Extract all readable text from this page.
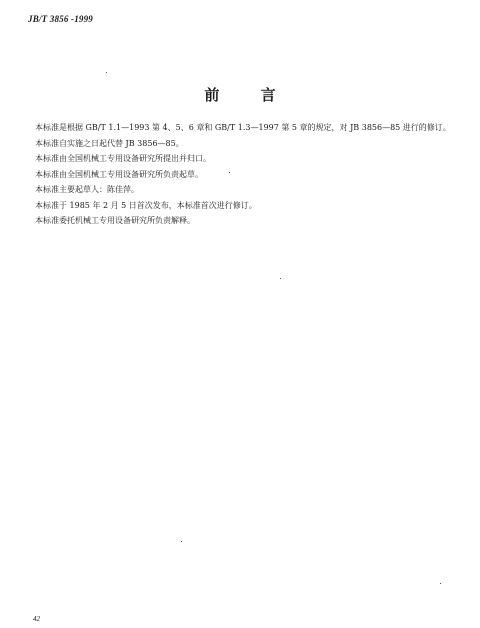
JB/T 3856 -1999
前 言

本标准是根据 GB/T 1.1—1993 第 4、5、6 章和 GB/T 1.3—1997 第 5 章的规定，对 JB 3856—85 进行的修订。

本标准自实施之日起代替 JB 3856—85。

本标准由全国机械工专用设备研究所提出并归口。

本标准由全国机械工专用设备研究所负责起草。

本标准主要起草人：陈佳萍。

本标准于 1985 年 2 月 5 日首次发布，本标准首次进行修订。

本标准委托机械工专用设备研究所负责解释。

42
